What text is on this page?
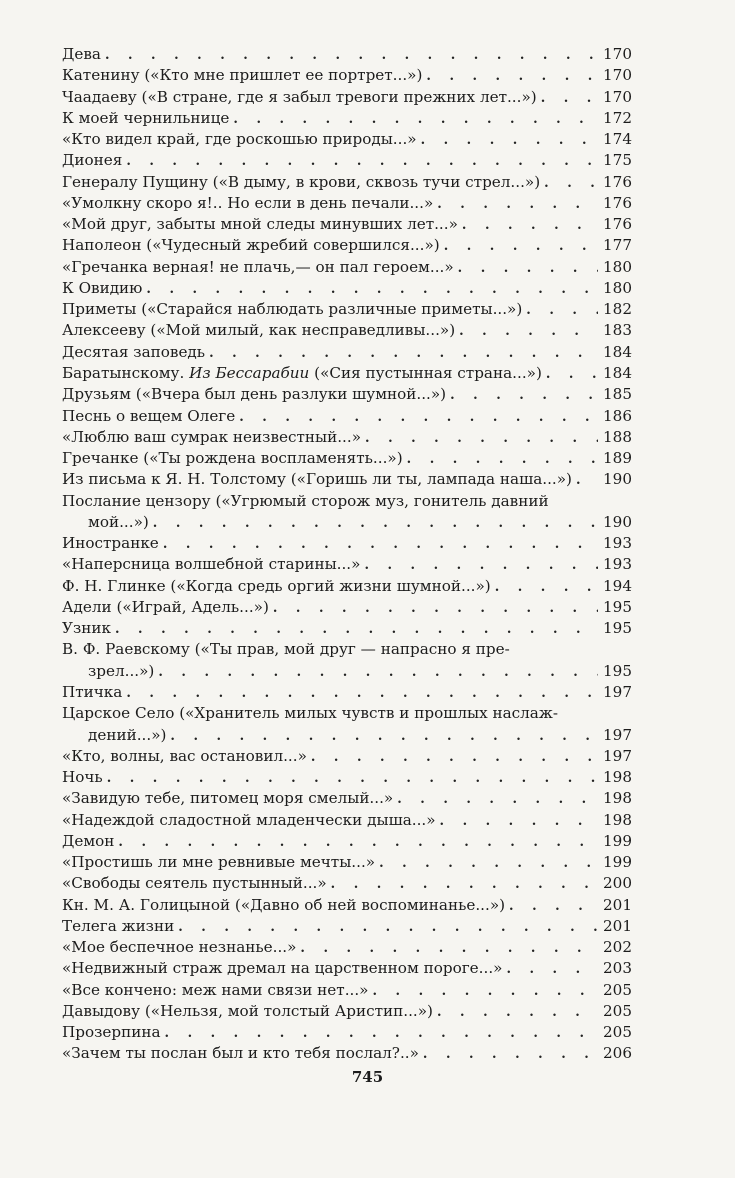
Дева . . .	170
Катенину («Кто мне пришлет ее портрет...») . . .	170
Чаадаеву («В стране, где я забыл тревоги прежних лет...») . . .	170
К моей чернильнице . . .	172
«Кто видел край, где роскошью природы...» . . .	174
Дионея . . .	175
Генералу Пущину («В дыму, в крови, сквозь тучи стрел...») . . .	176
«Умолкну скоро я!.. Но если в день печали...» . . .	176
«Мой друг, забыты мной следы минувших лет...» . . .	176
Наполеон («Чудесный жребий совершился...») . . .	177
«Гречанка верная! не плачь,— он пал героем...» . . .	180
К Овидию . . .	180
Приметы («Старайся наблюдать различные приметы...») . . .	182
Алексееву («Мой милый, как несправедливы...») . . .	183
Десятая заповедь . . .	184
Баратынскому. Из Бессарабии («Сия пустынная страна...») . . .	184
Друзьям («Вчера был день разлуки шумной...») . . .	185
Песнь о вещем Олеге . . .	186
«Люблю ваш сумрак неизвестный...» . . .	188
Гречанке («Ты рождена воспламенять...») . . .	189
Из письма к Я. Н. Толстому («Горишь ли ты, лампада наша...») . . .	190
Послание цензору («Угрюмый сторож муз, гонитель давний
мой...») . . .	190
Иностранке . . .	193
«Наперсница волшебной старины...» . . .	193
Ф. Н. Глинке («Когда средь оргий жизни шумной...») . . .	194
Адели («Играй, Адель...») . . .	195
Узник . . .	195
В. Ф. Раевскому («Ты прав, мой друг — напрасно я пре-
зрел...») . . .	195
Птичка . . .	197
Царское Село («Хранитель милых чувств и прошлых наслаж-
дений...») . . .	197
«Кто, волны, вас остановил...» . . .	197
Ночь . . .	198
«Завидую тебе, питомец моря смелый...» . . .	198
«Надеждой сладостной младенчески дыша...» . . .	198
Демон . . .	199
«Простишь ли мне ревнивые мечты...» . . .	199
«Свободы сеятель пустынный...» . . .	200
Кн. М. А. Голицыной («Давно об ней воспоминанье...») . . .	201
Телега жизни . . .	201
«Мое беспечное незнанье...» . . .	202
«Недвижный страж дремал на царственном пороге...» . . .	203
«Все кончено: меж нами связи нет...» . . .	205
Давыдову («Нельзя, мой толстый Аристип...») . . .	205
Прозерпина . . .	205
«Зачем ты послан был и кто тебя послал?..» . . .	206
745
